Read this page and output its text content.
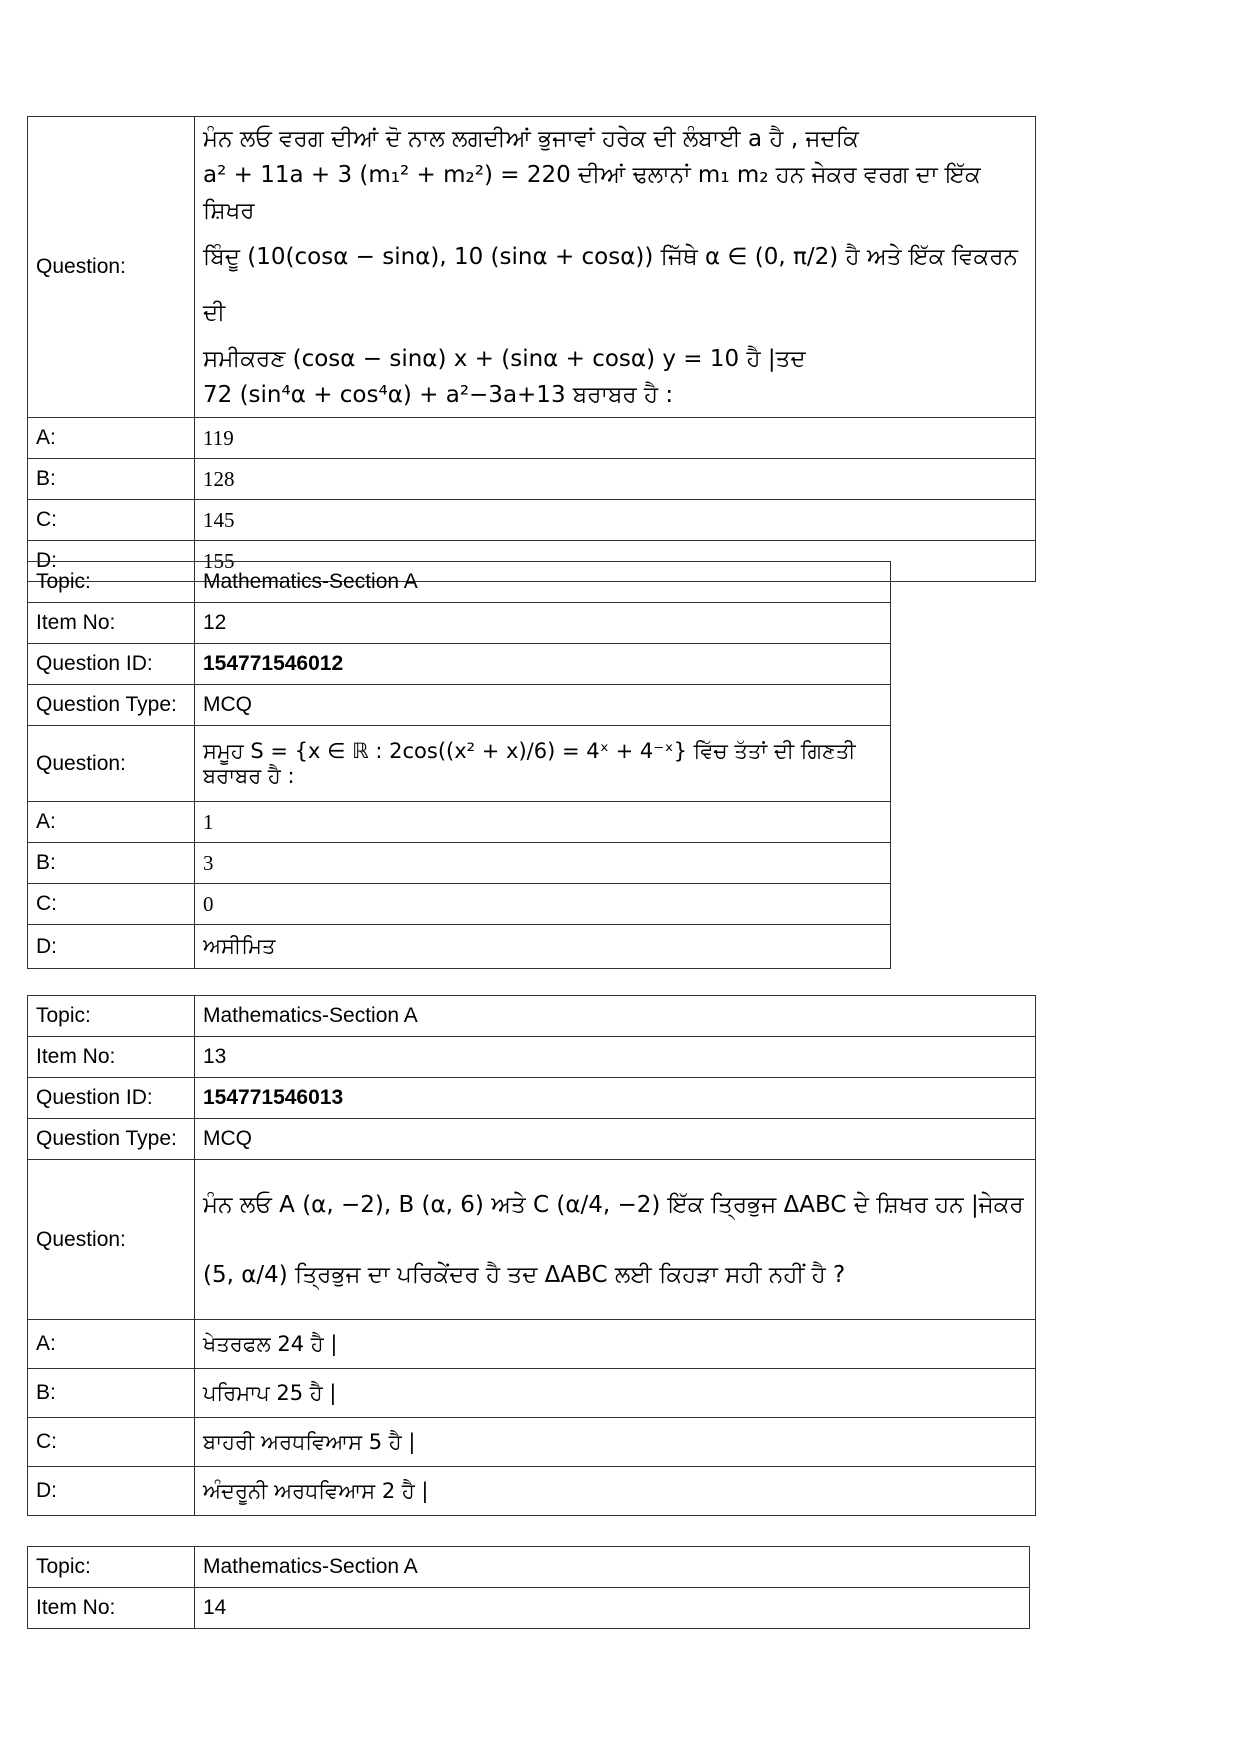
Question:	ਮੰਨ ਲਓ ਵਰਗ ਦੀਆਂ ਦੋ ਨਾਲ ਲਗਦੀਆਂ ਭੁਜਾਵਾਂ ਹਰੇਕ ਦੀ ਲੰਬਾਈ a ਹੈ , ਜਦਕਿ
a² + 11a + 3 (m₁² + m₂²) = 220 ਦੀਆਂ ਢਲਾਨਾਂ m₁ m₂ ਹਨ ਜੇਕਰ ਵਰਗ ਦਾ ਇੱਕ ਸ਼ਿਖਰ
ਬਿੰਦੂ (10(cosα − sinα), 10 (sinα + cosα)) ਜਿੱਥੇ α ∈ (0, π/2) ਹੈ ਅਤੇ ਇੱਕ ਵਿਕਰਨ ਦੀ
ਸਮੀਕਰਣ (cosα − sinα) x + (sinα + cosα) y = 10 ਹੈ |ਤਦ
72 (sin⁴α + cos⁴α) + a²−3a+13 ਬਰਾਬਰ ਹੈ :

A:	119
B:	128
C:	145
D:	155
Topic:	Mathematics-Section A
Item No:	12
Question ID:	154771546012
Question Type:	MCQ
Question:	ਸਮੂਹ S = {x ∈ ℝ : 2cos((x² + x)/6) = 4ˣ + 4⁻ˣ} ਵਿੱਚ ਤੱਤਾਂ ਦੀ ਗਿਣਤੀ ਬਰਾਬਰ ਹੈ :
A:	1
B:	3
C:	0
D:	ਅਸੀਮਿਤ
Topic:	Mathematics-Section A
Item No:	13
Question ID:	154771546013
Question Type:	MCQ
Question:	ਮੰਨ ਲਓ A (α, −2), B (α, 6) ਅਤੇ C (α/4, −2) ਇੱਕ ਤ੍ਰਿਭੁਜ ΔABC ਦੇ ਸ਼ਿਖਰ ਹਨ |ਜੇਕਰ
(5, α/4) ਤ੍ਰਿਭੁਜ ਦਾ ਪਰਿਕੇਂਦਰ ਹੈ ਤਦ ΔABC ਲਈ ਕਿਹੜਾ ਸਹੀ ਨਹੀਂ ਹੈ ?

A:	ਖੇਤਰਫਲ 24 ਹੈ |
B:	ਪਰਿਮਾਪ 25 ਹੈ |
C:	ਬਾਹਰੀ ਅਰਧਵਿਆਸ 5 ਹੈ |
D:	ਅੰਦਰੂਨੀ ਅਰਧਵਿਆਸ 2 ਹੈ |
Topic:	Mathematics-Section A
Item No:	14
